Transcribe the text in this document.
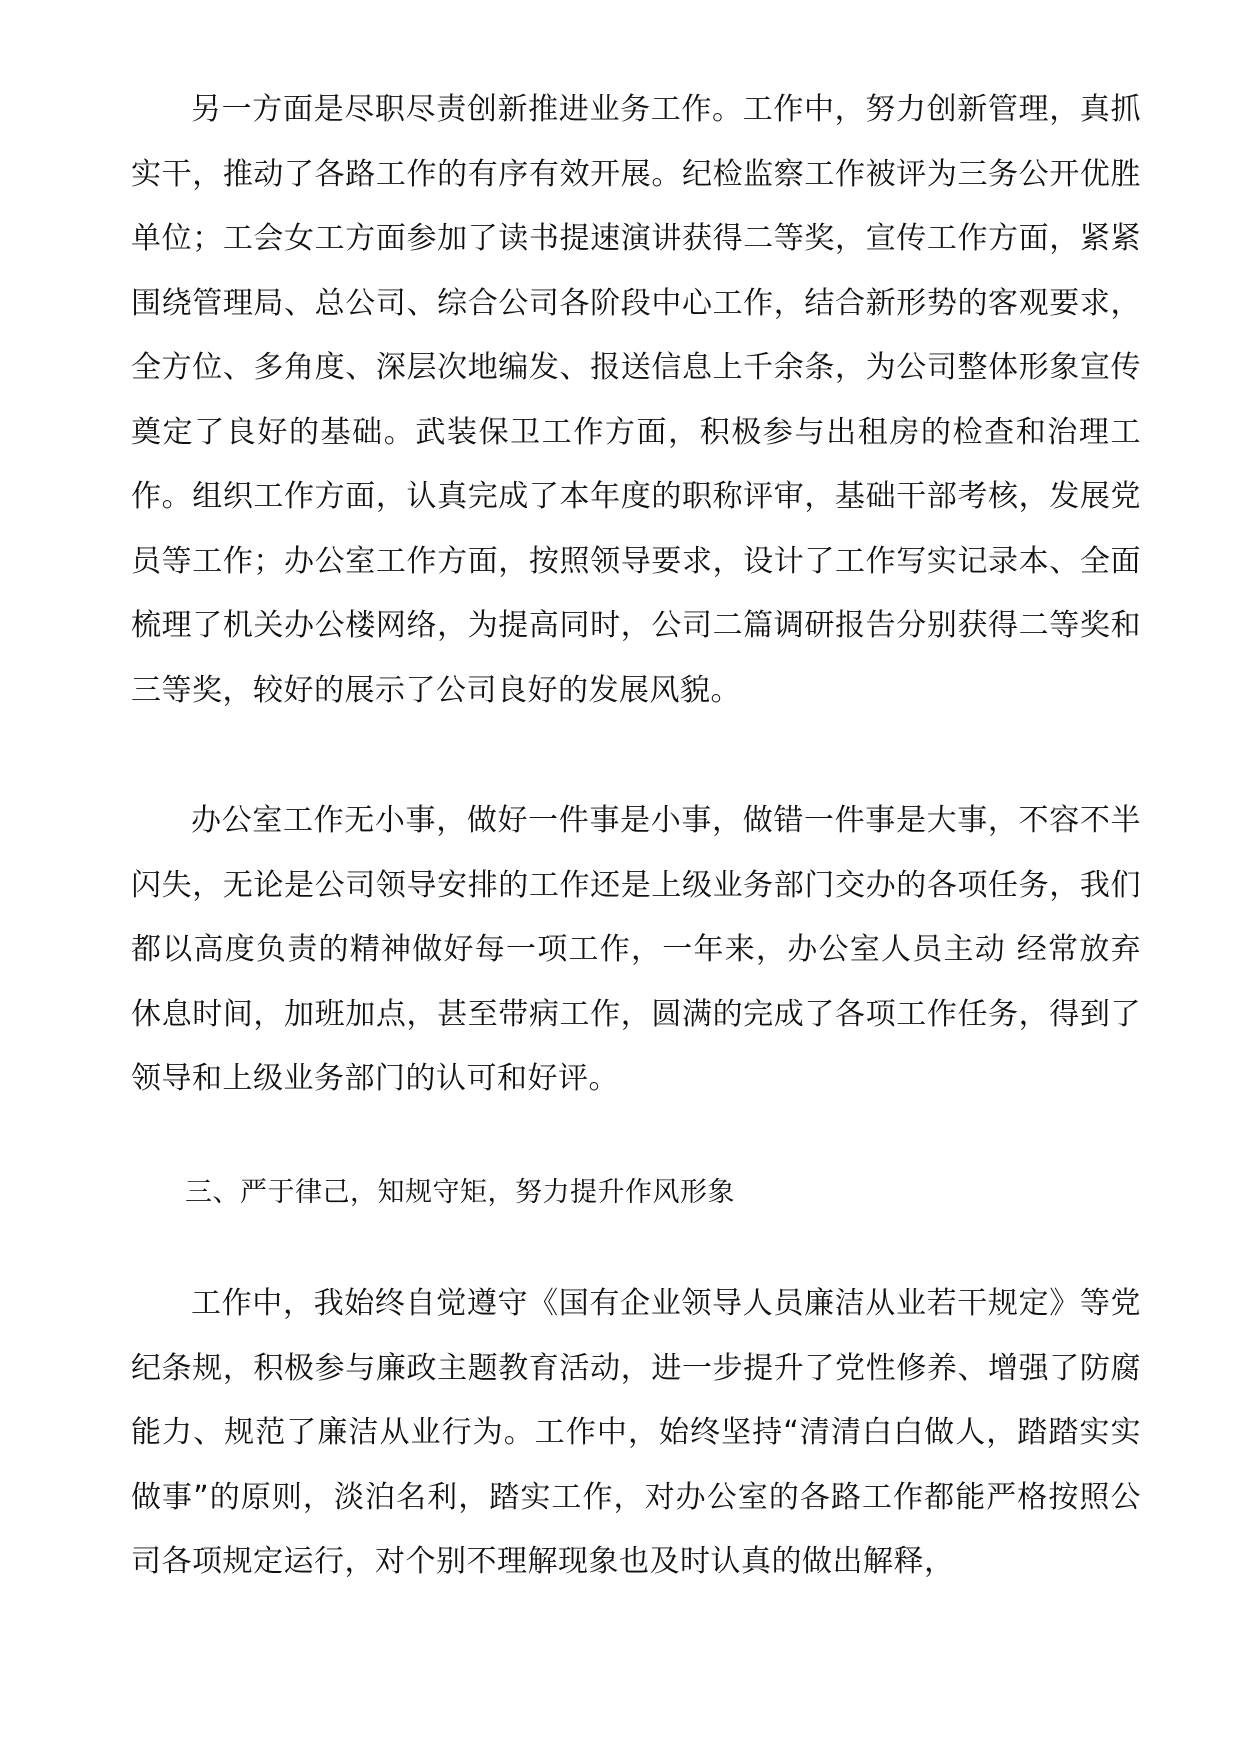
另一方面是尽职尽责创新推进业务工作。工作中，努力创新管理，真抓实干，推动了各路工作的有序有效开展。纪检监察工作被评为三务公开优胜单位；工会女工方面参加了读书提速演讲获得二等奖，宣传工作方面，紧紧围绕管理局、总公司、综合公司各阶段中心工作，结合新形势的客观要求，全方位、多角度、深层次地编发、报送信息上千余条，为公司整体形象宣传奠定了良好的基础。武装保卫工作方面，积极参与出租房的检查和治理工作。组织工作方面，认真完成了本年度的职称评审，基础干部考核，发展党员等工作；办公室工作方面，按照领导要求，设计了工作写实记录本、全面梳理了机关办公楼网络，为提高同时，公司二篇调研报告分别获得二等奖和三等奖，较好的展示了公司良好的发展风貌。

办公室工作无小事，做好一件事是小事，做错一件事是大事，不容不半闪失，无论是公司领导安排的工作还是上级业务部门交办的各项任务，我们都以高度负责的精神做好每一项工作，一年来，办公室人员主动 经常放弃休息时间，加班加点，甚至带病工作，圆满的完成了各项工作任务，得到了领导和上级业务部门的认可和好评。

三、严于律己，知规守矩，努力提升作风形象

工作中，我始终自觉遵守《国有企业领导人员廉洁从业若干规定》等党纪条规，积极参与廉政主题教育活动，进一步提升了党性修养、增强了防腐能力、规范了廉洁从业行为。工作中，始终坚持“清清白白做人，踏踏实实做事”的原则，淡泊名利，踏实工作，对办公室的各路工作都能严格按照公司各项规定运行，对个别不理解现象也及时认真的做出解释，
